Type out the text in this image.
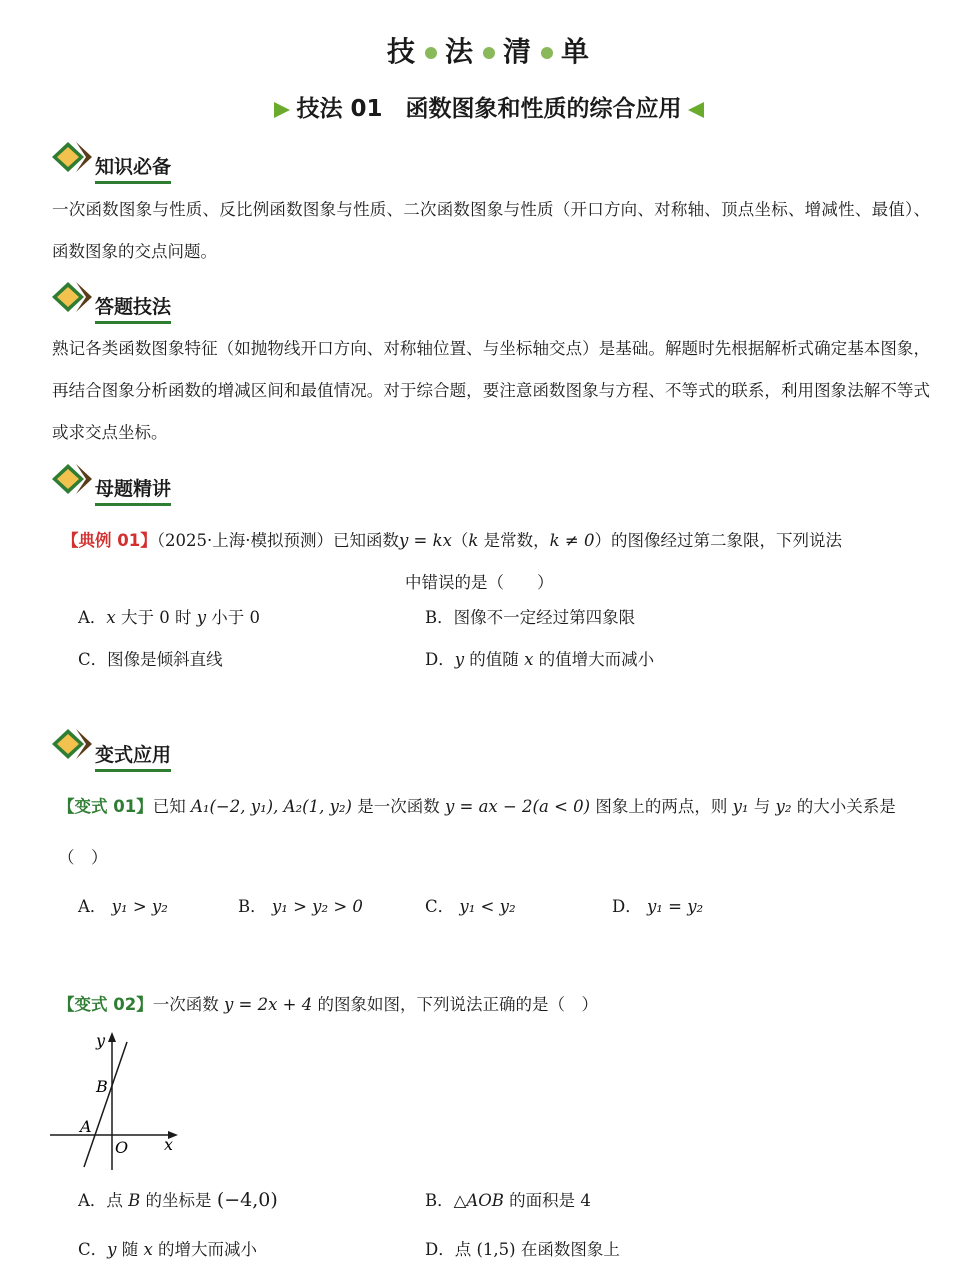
技 法 清 单
技法 01　函数图象和性质的综合应用
知识必备
一次函数图象与性质、反比例函数图象与性质、二次函数图象与性质（开口方向、对称轴、顶点坐标、增减性、最值）、函数图象的交点问题。
答题技法
熟记各类函数图象特征（如抛物线开口方向、对称轴位置、与坐标轴交点）是基础。解题时先根据解析式确定基本图象，再结合图象分析函数的增减区间和最值情况。对于综合题，要注意函数图象与方程、不等式的联系，利用图象法解不等式或求交点坐标。
母题精讲
【典例 01】（2025·上海·模拟预测）已知函数y = kx（k 是常数，k ≠ 0）的图像经过第二象限，下列说法
中错误的是（　　）
A．x 大于 0 时 y 小于 0	B．图像不一定经过第四象限
C．图像是倾斜直线	D．y 的值随 x 的值增大而减小
变式应用
【变式 01】已知 A₁(−2, y₁), A₂(1, y₂) 是一次函数 y = ax − 2(a < 0) 图象上的两点，则 y₁ 与 y₂ 的大小关系是
（　）
A． y₁ > y₂	B． y₁ > y₂ > 0	C． y₁ < y₂	D． y₁ = y₂
【变式 02】一次函数 y = 2x + 4 的图象如图，下列说法正确的是（　）
y
x
B
A
O
A．点 B 的坐标是 (−4,0)	B．△AOB 的面积是 4
C．y 随 x 的增大而减小	D．点 (1,5) 在函数图象上
